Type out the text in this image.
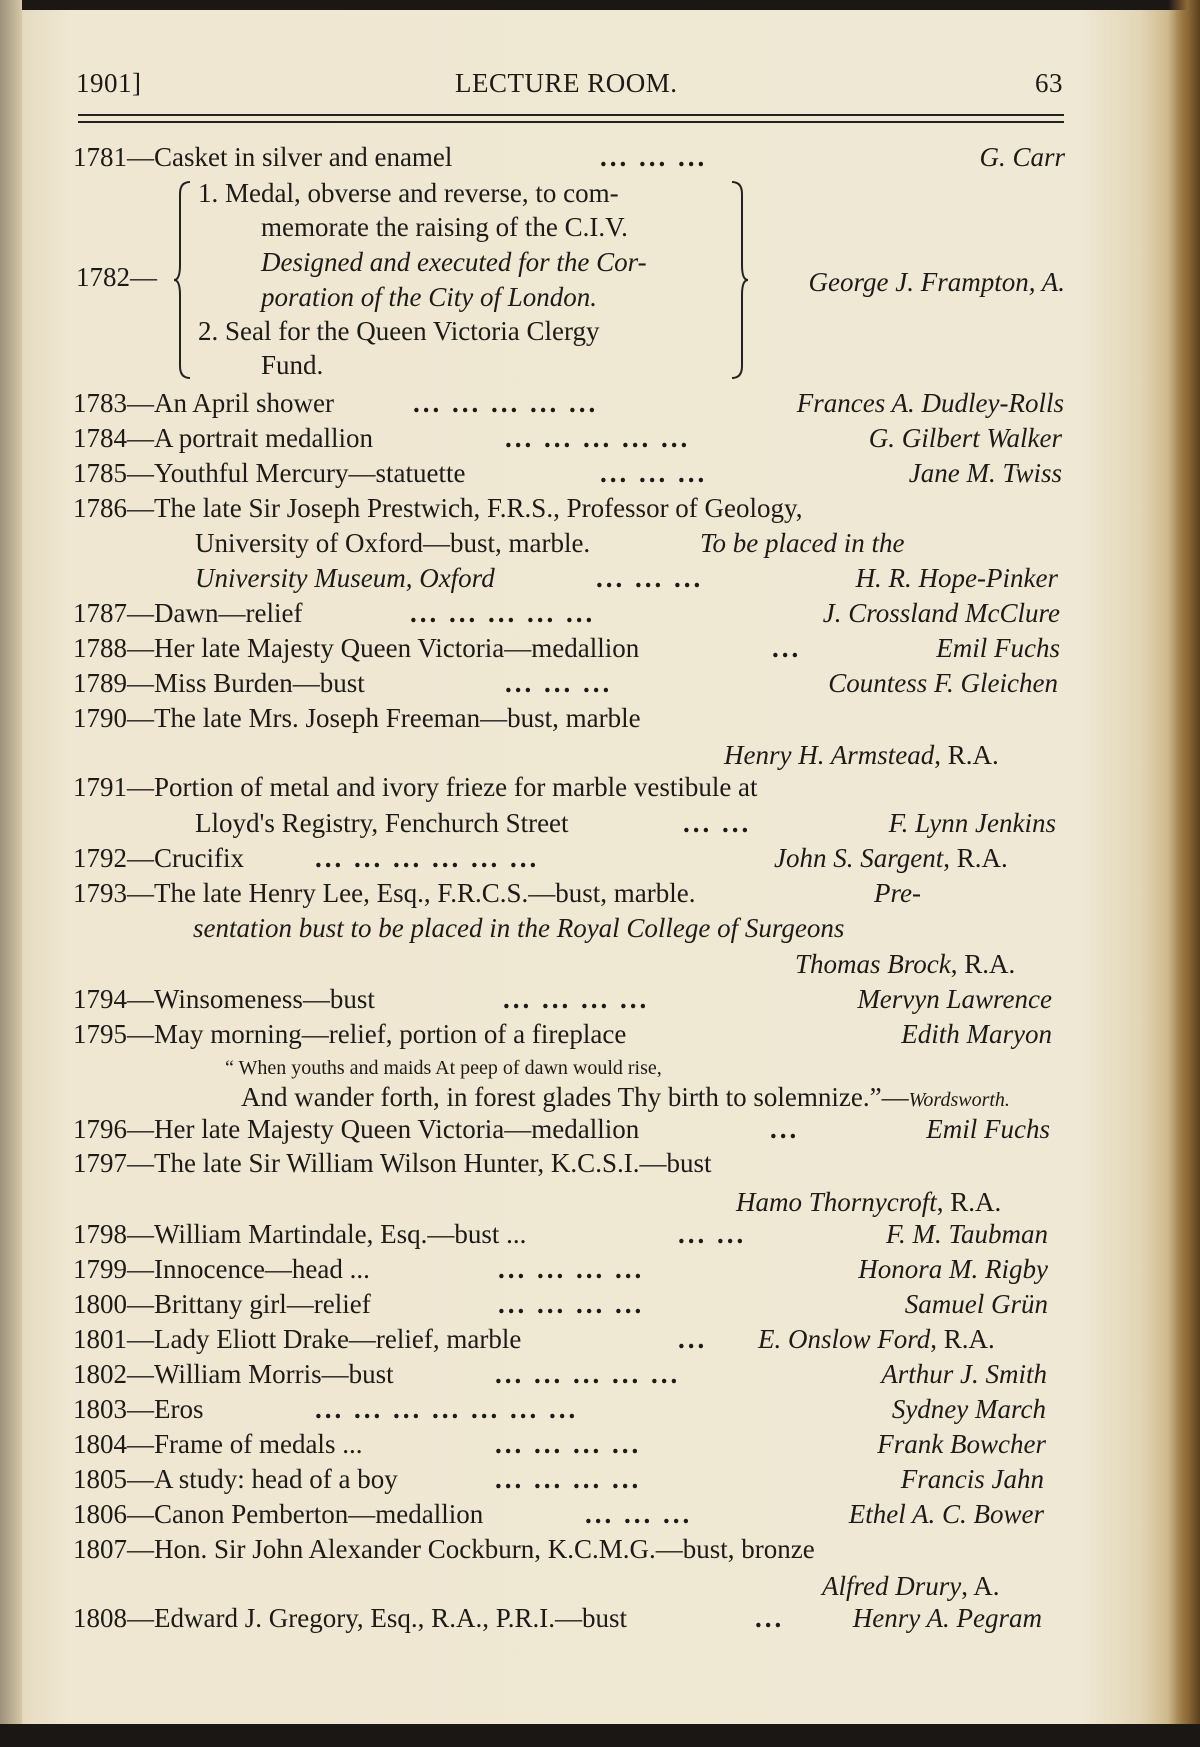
1901]	LECTURE ROOM.	63
1781—Casket in silver and enamel	... ... ...	G. Carr
1782—
1. Medal, obverse and reverse, to com-
memorate the raising of the C.I.V.
Designed and executed for the Cor-
poration of the City of London.
2. Seal for the Queen Victoria Clergy
Fund.
George J. Frampton, A.
1783—An April shower	... ... ... ... ...	Frances A. Dudley-Rolls
1784—A portrait medallion	... ... ... ... ...	G. Gilbert Walker
1785—Youthful Mercury—statuette	... ... ...	Jane M. Twiss
1786—The late Sir Joseph Prestwich, F.R.S., Professor of Geology,
University of Oxford—bust, marble.	To be placed in the
University Museum, Oxford	... ... ...	H. R. Hope-Pinker
1787—Dawn—relief	... ... ... ... ...	J. Crossland McClure
1788—Her late Majesty Queen Victoria—medallion	...	Emil Fuchs
1789—Miss Burden—bust	... ... ...	Countess F. Gleichen
1790—The late Mrs. Joseph Freeman—bust, marble
Henry H. Armstead, R.A.
1791—Portion of metal and ivory frieze for marble vestibule at
Lloyd's Registry, Fenchurch Street	... ...	F. Lynn Jenkins
1792—Crucifix	... ... ... ... ... ...	John S. Sargent, R.A.
1793—The late Henry Lee, Esq., F.R.C.S.—bust, marble.	Pre-
sentation bust to be placed in the Royal College of Surgeons
Thomas Brock, R.A.
1794—Winsomeness—bust	... ... ... ...	Mervyn Lawrence
1795—May morning—relief, portion of a fireplace	Edith Maryon
“ When youths and maids At peep of dawn would rise,
And wander forth, in forest glades Thy birth to solemnize.”—Wordsworth.
1796—Her late Majesty Queen Victoria—medallion	...	Emil Fuchs
1797—The late Sir William Wilson Hunter, K.C.S.I.—bust
Hamo Thornycroft, R.A.
1798—William Martindale, Esq.—bust ...	... ...	F. M. Taubman
1799—Innocence—head ...	... ... ... ...	Honora M. Rigby
1800—Brittany girl—relief	... ... ... ...	Samuel Grün
1801—Lady Eliott Drake—relief, marble	... E. Onslow Ford, R.A.
1802—William Morris—bust	... ... ... ... ...	Arthur J. Smith
1803—Eros	... ... ... ... ... ... ...	Sydney March
1804—Frame of medals ...	... ... ... ...	Frank Bowcher
1805—A study: head of a boy	... ... ... ...	Francis Jahn
1806—Canon Pemberton—medallion	... ... ...	Ethel A. C. Bower
1807—Hon. Sir John Alexander Cockburn, K.C.M.G.—bust, bronze
Alfred Drury, A.
1808—Edward J. Gregory, Esq., R.A., P.R.I.—bust	...	Henry A. Pegram
